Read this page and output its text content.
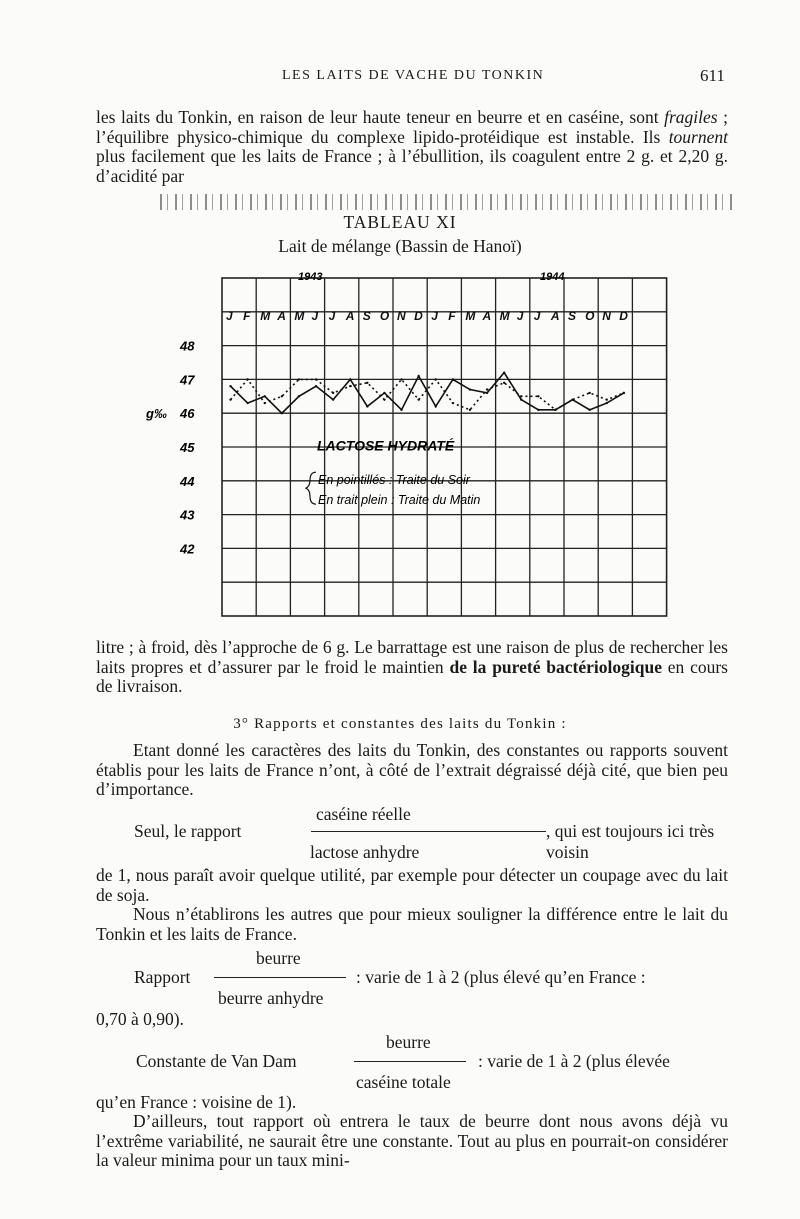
LES LAITS DE VACHE DU TONKIN	611
les laits du Tonkin, en raison de leur haute teneur en beurre et en caséine, sont fragiles ; l’équilibre physico-chimique du complexe lipido-protéidique est instable. Ils tournent plus facilement que les laits de France ; à l’ébullition, ils coagulent entre 2 g. et 2,20 g. d’acidité par
TABLEAU XI
Lait de mélange (Bassin de Hanoï)
J F M A M J J A S O N D J F M A M J J A S O N D
1943	1944
48
47
46
45
44
43
42
g‰
LACTOSE HYDRATÉ
En pointillés : Traite du Soir
En trait plein : Traite du Matin
litre ; à froid, dès l’approche de 6 g. Le barrattage est une raison de plus de rechercher les laits propres et d’assurer par le froid le maintien de la pureté bactériologique en cours de livraison.
3° Rapports et constantes des laits du Tonkin :
Etant donné les caractères des laits du Tonkin, des constantes ou rapports souvent établis pour les laits de France n’ont, à côté de l’extrait dégraissé déjà cité, que bien peu d’importance.
caséine réelle
Seul, le rapport	, qui est toujours ici très voisin
lactose anhydre
de 1, nous paraît avoir quelque utilité, par exemple pour détecter un coupage avec du lait de soja.
Nous n’établirons les autres que pour mieux souligner la différence entre le lait du Tonkin et les laits de France.
beurre
Rapport	: varie de 1 à 2 (plus élevé qu’en France :
beurre anhydre
0,70 à 0,90).
beurre
Constante de Van Dam	: varie de 1 à 2 (plus élevée
caséine totale
qu’en France : voisine de 1).
D’ailleurs, tout rapport où entrera le taux de beurre dont nous avons déjà vu l’extrême variabilité, ne saurait être une constante. Tout au plus en pourrait-on considérer la valeur minima pour un taux mini-
